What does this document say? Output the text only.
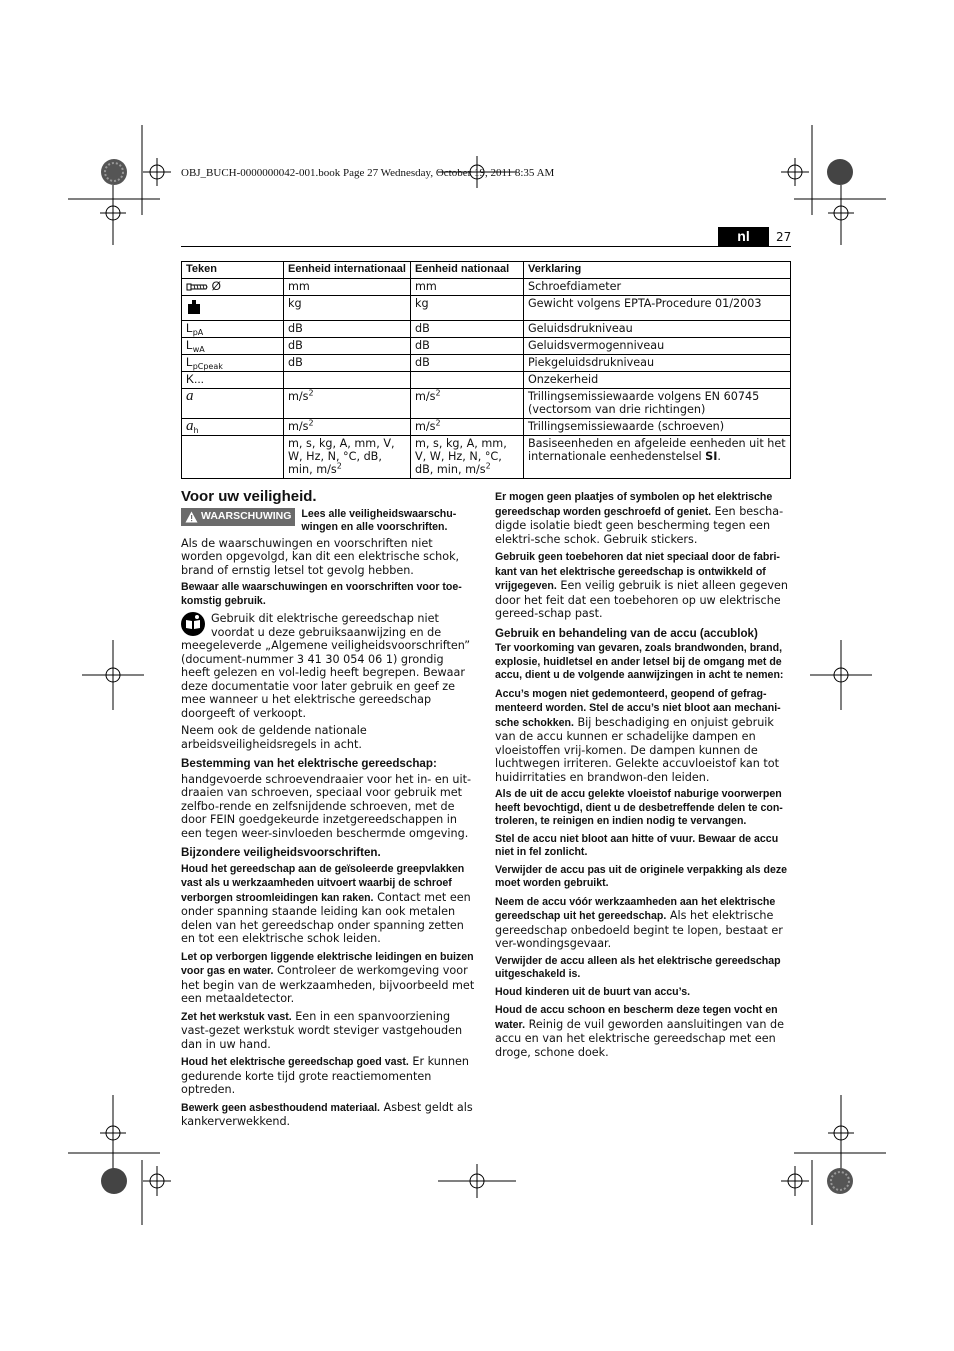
OBJ_BUCH-0000000042-001.book Page 27 Wednesday, October 19, 2011 8:35 AM
nl	27
Teken	Eenheid internationaal	Eenheid nationaal	Verklaring
Ø	mm	mm	Schroefdiameter
	kg	kg	Gewicht volgens EPTA-Procedure 01/2003
$L_{pA}$	dB	dB	Geluidsdrukniveau
$L_{wA}$	dB	dB	Geluidsvermogenniveau
$L_{pCpeak}$	dB	dB	Piekgeluidsdrukniveau
K...			Onzekerheid
a	$m/s^2$	$m/s^2$	Trillingsemissiewaarde volgens EN 60745 (vectorsom van drie richtingen)
$a_h$	$m/s^2$	$m/s^2$	Trillingsemissiewaarde (schroeven)
	m, s, kg, A, mm, V, W, Hz, N, °C, dB, min, $m/s^2$	m, s, kg, A, mm, V, W, Hz, N, °C, dB, min, $m/s^2$	Basiseenheden en afgeleide eenheden uit het internationale eenhedenstelsel SI.
Voor uw veiligheid.
WAARSCHUWING Lees alle veiligheidswaarschu-wingen en alle voorschriften.

Als de waarschuwingen en voorschriften niet worden opgevolgd, kan dit een elektrische schok, brand of ernstig letsel tot gevolg hebben.

Bewaar alle waarschuwingen en voorschriften voor toe-komstig gebruik.

Gebruik dit elektrische gereedschap niet voordat u deze gebruiksaanwijzing en de meegeleverde „Algemene veiligheidsvoorschriften” (document-nummer 3 41 30 054 06 1) grondig heeft gelezen en vol-ledig heeft begrepen. Bewaar deze documentatie voor later gebruik en geef ze mee wanneer u het elektrische gereedschap doorgeeft of verkoopt.

Neem ook de geldende nationale arbeidsveiligheidsregels in acht.

Bestemming van het elektrische gereedschap:

handgevoerde schroevendraaier voor het in- en uit-draaien van schroeven, speciaal voor gebruik met zelfbo-rende en zelfsnijdende schroeven, met de door FEIN goedgekeurde inzetgereedschappen in een tegen weer-sinvloeden beschermde omgeving.

Bijzondere veiligheidsvoorschriften.

Houd het gereedschap aan de geïsoleerde greepvlakken vast als u werkzaamheden uitvoert waarbij de schroef verborgen stroomleidingen kan raken. Contact met een onder spanning staande leiding kan ook metalen delen van het gereedschap onder spanning zetten en tot een elektrische schok leiden.

Let op verborgen liggende elektrische leidingen en buizen voor gas en water. Controleer de werkomgeving voor het begin van de werkzaamheden, bijvoorbeeld met een metaaldetector.

Zet het werkstuk vast. Een in een spanvoorziening vast-gezet werkstuk wordt steviger vastgehouden dan in uw hand.

Houd het elektrische gereedschap goed vast. Er kunnen gedurende korte tijd grote reactiemomenten optreden.

Bewerk geen asbesthoudend materiaal. Asbest geldt als kankerverwekkend.

Er mogen geen plaatjes of symbolen op het elektrische gereedschap worden geschroefd of geniet. Een bescha-digde isolatie biedt geen bescherming tegen een elektri-sche schok. Gebruik stickers.

Gebruik geen toebehoren dat niet speciaal door de fabri-kant van het elektrische gereedschap is ontwikkeld of vrijgegeven. Een veilig gebruik is niet alleen gegeven door het feit dat een toebehoren op uw elektrische gereed-schap past.

Gebruik en behandeling van de accu (accublok)

Ter voorkoming van gevaren, zoals brandwonden, brand, explosie, huidletsel en ander letsel bij de omgang met de accu, dient u de volgende aanwijzingen in acht te nemen:

Accu’s mogen niet gedemonteerd, geopend of gefrag-menteerd worden. Stel de accu’s niet bloot aan mechani-sche schokken. Bij beschadiging en onjuist gebruik van de accu kunnen er schadelijke dampen en vloeistoffen vrij-komen. De dampen kunnen de luchtwegen irriteren. Gelekte accuvloeistof kan tot huidirritaties en brandwon-den leiden.

Als de uit de accu gelekte vloeistof naburige voorwerpen heeft bevochtigd, dient u de desbetreffende delen te con-troleren, te reinigen en indien nodig te vervangen.

Stel de accu niet bloot aan hitte of vuur. Bewaar de accu niet in fel zonlicht.

Verwijder de accu pas uit de originele verpakking als deze moet worden gebruikt.

Neem de accu vóór werkzaamheden aan het elektrische gereedschap uit het gereedschap. Als het elektrische gereedschap onbedoeld begint te lopen, bestaat er ver-wondingsgevaar.

Verwijder de accu alleen als het elektrische gereedschap uitgeschakeld is.

Houd kinderen uit de buurt van accu’s.

Houd de accu schoon en bescherm deze tegen vocht en water. Reinig de vuil geworden aansluitingen van de accu en van het elektrische gereedschap met een droge, schone doek.
